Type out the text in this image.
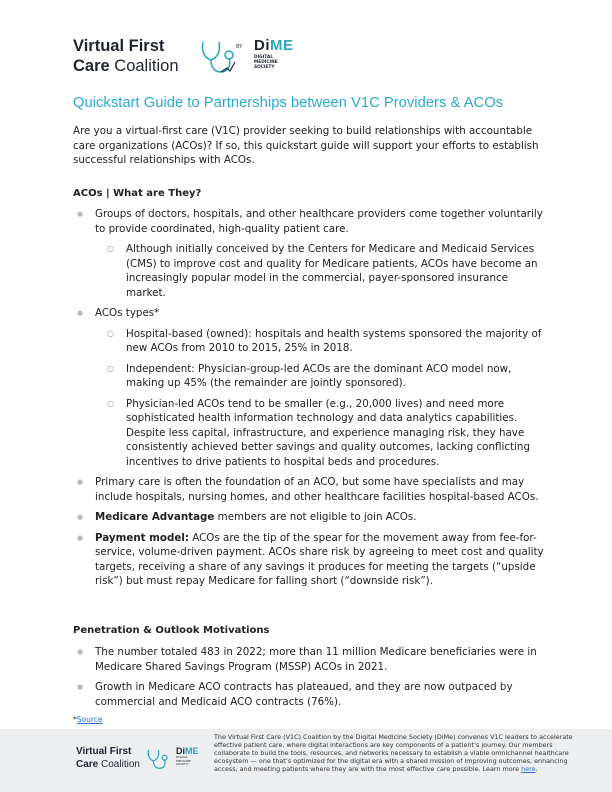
Virtual First
Care Coalition
BY DiME
DIGITAL
MEDICINE
SOCIETY
Quickstart Guide to Partnerships between V1C Providers & ACOs
Are you a virtual-first care (V1C) provider seeking to build relationships with accountable care organizations (ACOs)? If so, this quickstart guide will support your efforts to establish successful relationships with ACOs.
ACOs | What are They?
● Groups of doctors, hospitals, and other healthcare providers come together voluntarily to provide coordinated, high-quality patient care.
○ Although initially conceived by the Centers for Medicare and Medicaid Services (CMS) to improve cost and quality for Medicare patients, ACOs have become an increasingly popular model in the commercial, payer-sponsored insurance market.
● ACOs types*
○ Hospital-based (owned): hospitals and health systems sponsored the majority of new ACOs from 2010 to 2015, 25% in 2018.
○ Independent: Physician-group-led ACOs are the dominant ACO model now, making up 45% (the remainder are jointly sponsored).
○ Physician-led ACOs tend to be smaller (e.g., 20,000 lives) and need more sophisticated health information technology and data analytics capabilities. Despite less capital, infrastructure, and experience managing risk, they have consistently achieved better savings and quality outcomes, lacking conflicting incentives to drive patients to hospital beds and procedures.
● Primary care is often the foundation of an ACO, but some have specialists and may include hospitals, nursing homes, and other healthcare facilities hospital-based ACOs.
● Medicare Advantage members are not eligible to join ACOs.
● Payment model: ACOs are the tip of the spear for the movement away from fee-for-service, volume-driven payment. ACOs share risk by agreeing to meet cost and quality targets, receiving a share of any savings it produces for meeting the targets (“upside risk”) but must repay Medicare for falling short (“downside risk”).
Penetration & Outlook Motivations
● The number totaled 483 in 2022; more than 11 million Medicare beneficiaries were in Medicare Shared Savings Program (MSSP) ACOs in 2021.
● Growth in Medicare ACO contracts has plateaued, and they are now outpaced by commercial and Medicaid ACO contracts (76%).
*Source
Virtual First
Care Coalition
DiME
DIGITAL
MEDICINE
SOCIETY
The Virtual First Care (V1C) Coalition by the Digital Medicine Society (DiMe) convenes V1C leaders to accelerate effective patient care, where digital interactions are key components of a patient’s journey. Our members collaborate to build the tools, resources, and networks necessary to establish a viable omnichannel healthcare ecosystem — one that’s optimized for the digital era with a shared mission of improving outcomes, enhancing access, and meeting patients where they are with the most effective care possible. Learn more here.
